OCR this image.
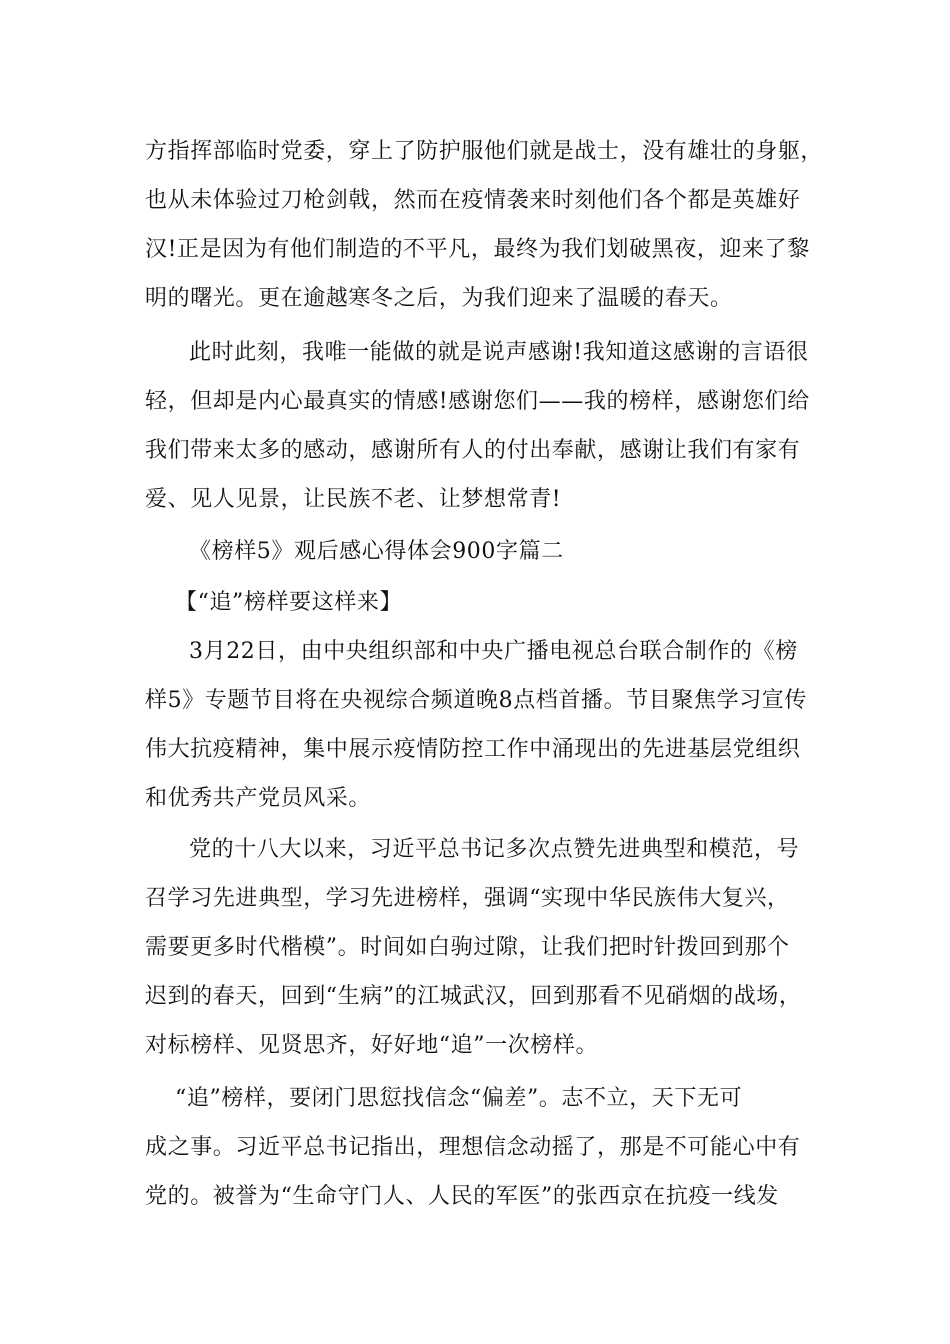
方指挥部临时党委，穿上了防护服他们就是战士，没有雄壮的身躯，
也从未体验过刀枪剑戟，然而在疫情袭来时刻他们各个都是英雄好
汉!正是因为有他们制造的不平凡，最终为我们划破黑夜，迎来了黎
明的曙光。更在逾越寒冬之后，为我们迎来了温暖的春天。
此时此刻，我唯一能做的就是说声感谢!我知道这感谢的言语很
轻，但却是内心最真实的情感!感谢您们——我的榜样，感谢您们给
我们带来太多的感动，感谢所有人的付出奉献，感谢让我们有家有
爱、见人见景，让民族不老、让梦想常青!
《榜样5》观后感心得体会900字篇二
【“追”榜样要这样来】
3月22日，由中央组织部和中央广播电视总台联合制作的《榜
样5》专题节目将在央视综合频道晚8点档首播。节目聚焦学习宣传
伟大抗疫精神，集中展示疫情防控工作中涌现出的先进基层党组织
和优秀共产党员风采。
党的十八大以来，习近平总书记多次点赞先进典型和模范，号
召学习先进典型，学习先进榜样，强调“实现中华民族伟大复兴，
需要更多时代楷模”。时间如白驹过隙，让我们把时针拨回到那个
迟到的春天，回到“生病”的江城武汉，回到那看不见硝烟的战场，
对标榜样、见贤思齐，好好地“追”一次榜样。
“追”榜样，要闭门思愆找信念“偏差”。志不立，天下无可
成之事。习近平总书记指出，理想信念动摇了，那是不可能心中有
党的。被誉为“生命守门人、人民的军医”的张西京在抗疫一线发
